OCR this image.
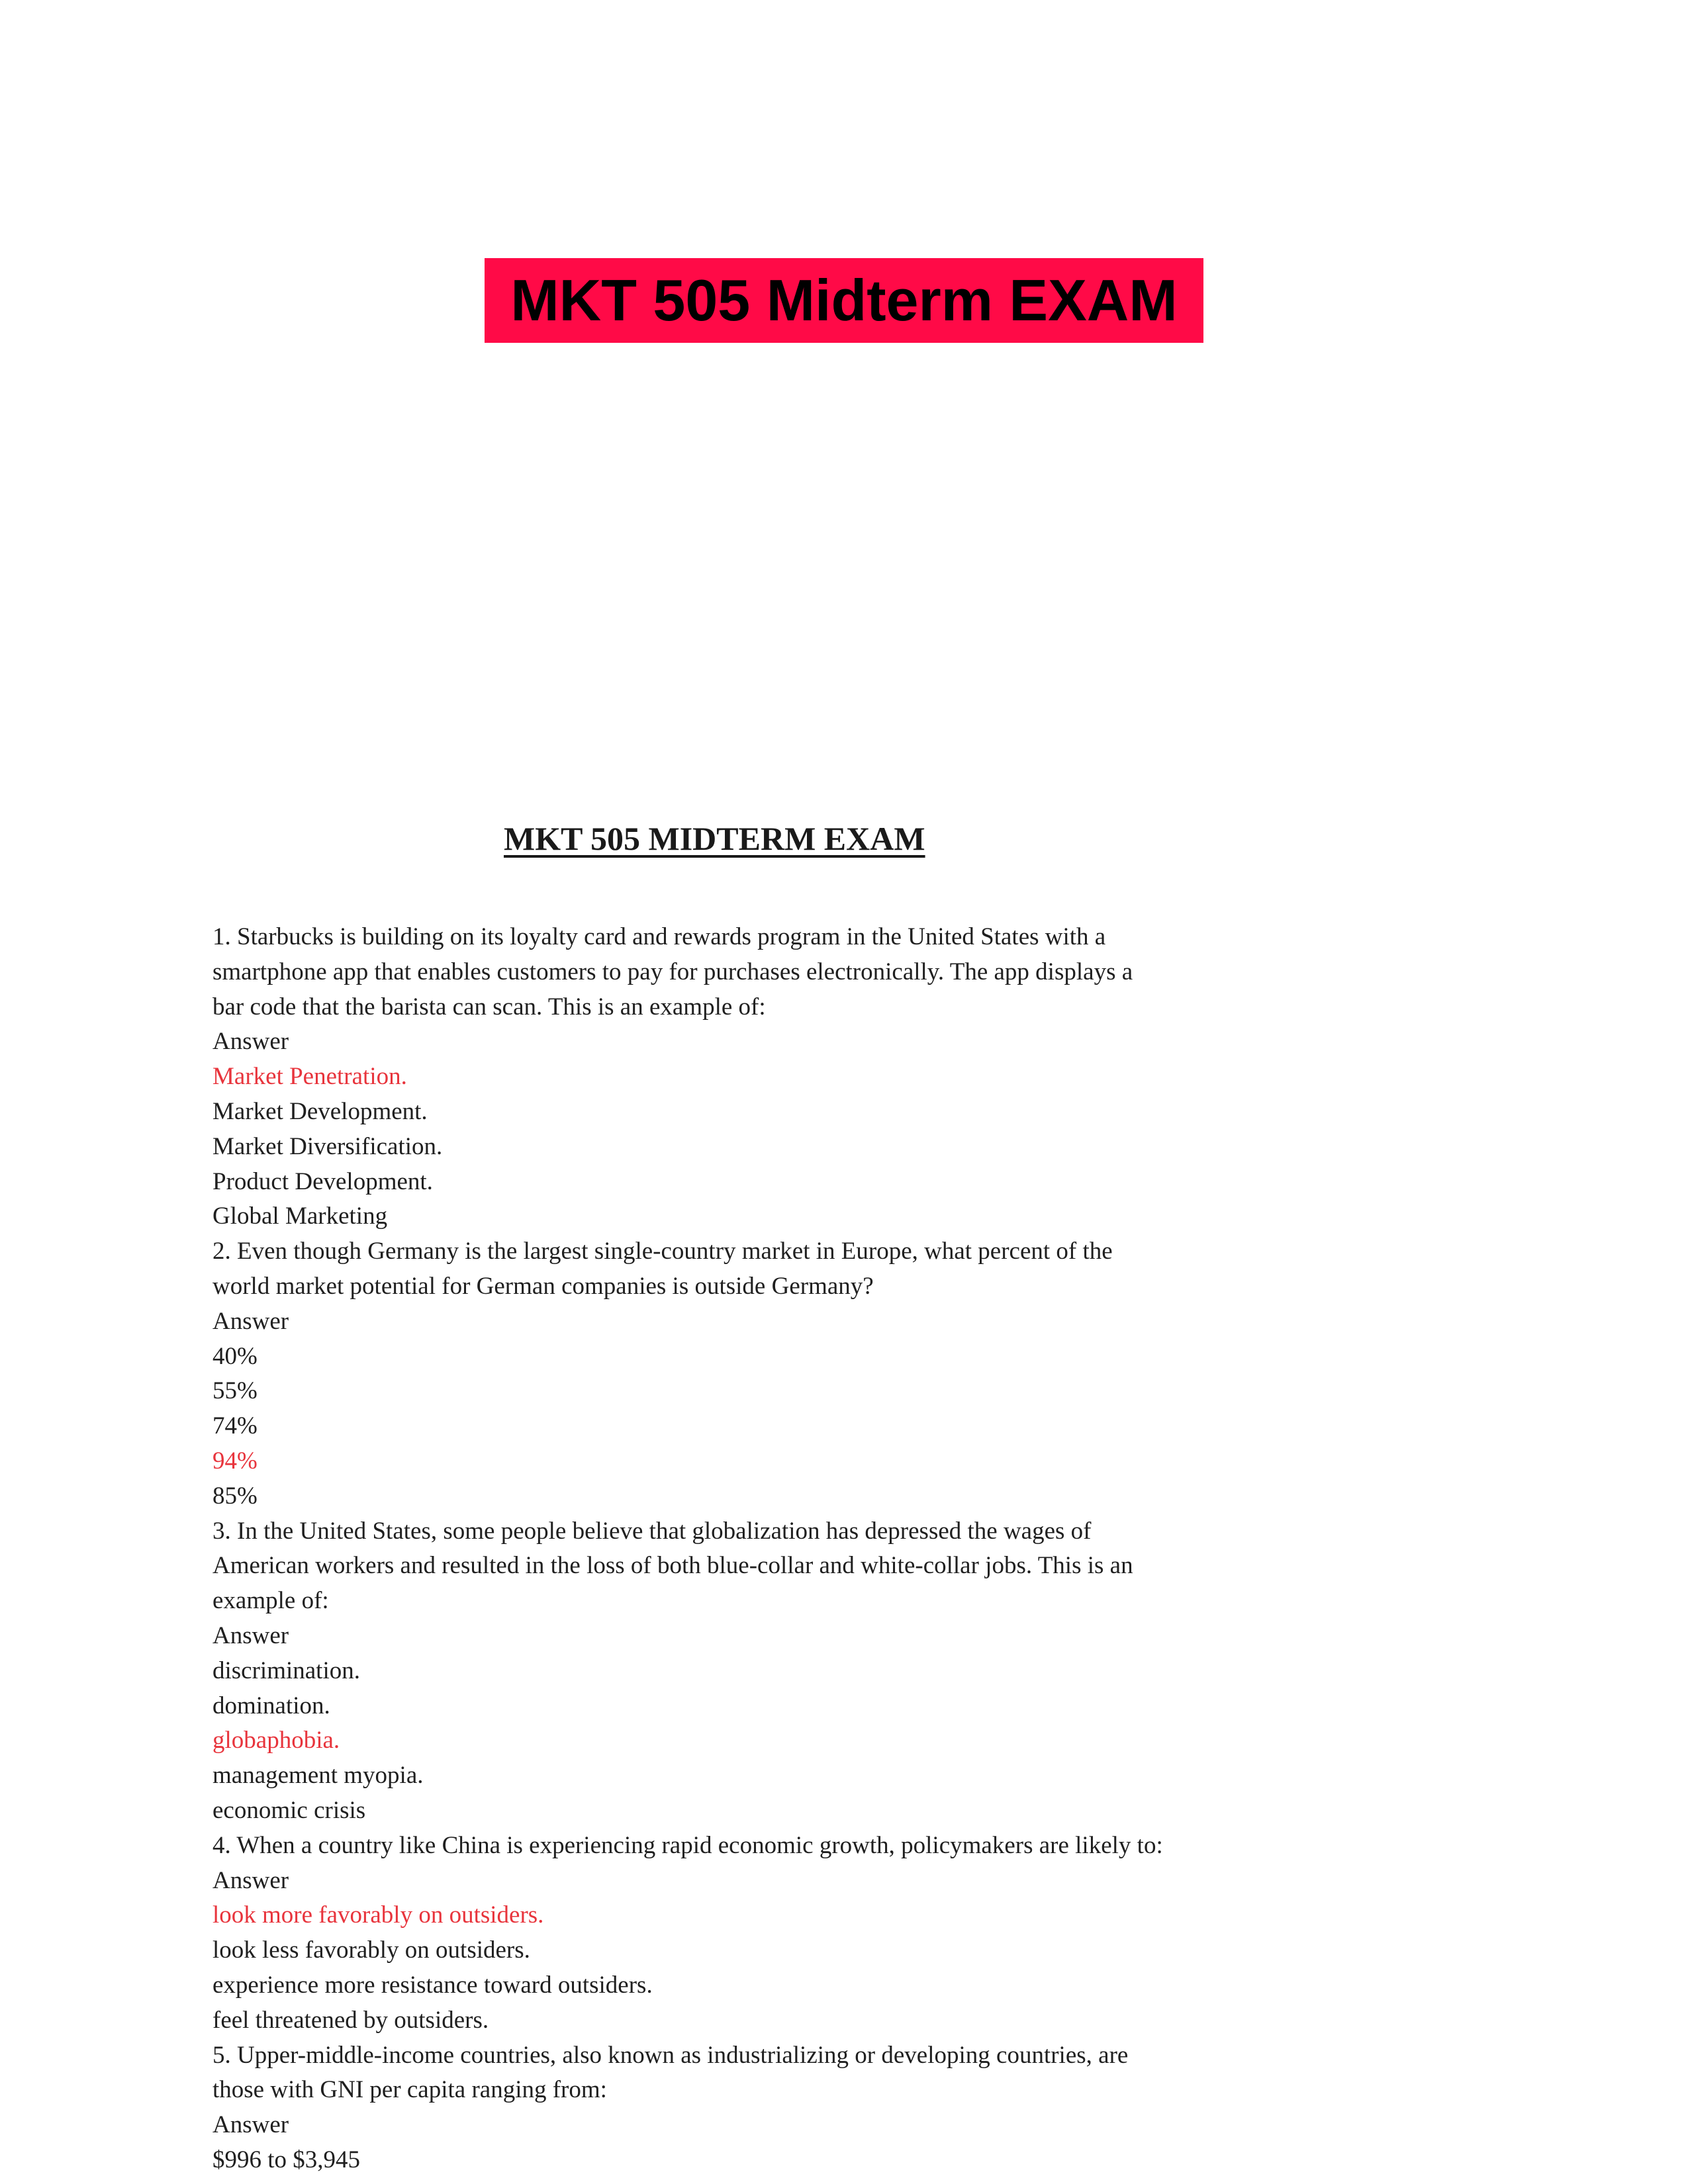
MKT 505 Midterm EXAM
MKT 505 MIDTERM EXAM
1. Starbucks is building on its loyalty card and rewards program in the United States with a
smartphone app that enables customers to pay for purchases electronically. The app displays a
bar code that the barista can scan. This is an example of:
Answer
Market Penetration.
Market Development.
Market Diversification.
Product Development.
Global Marketing
2. Even though Germany is the largest single-country market in Europe, what percent of the
world market potential for German companies is outside Germany?
Answer
40%
55%
74%
94%
85%
3. In the United States, some people believe that globalization has depressed the wages of
American workers and resulted in the loss of both blue-collar and white-collar jobs. This is an
example of:
Answer
discrimination.
domination.
globaphobia.
management myopia.
economic crisis
4. When a country like China is experiencing rapid economic growth, policymakers are likely to:
Answer
look more favorably on outsiders.
look less favorably on outsiders.
experience more resistance toward outsiders.
feel threatened by outsiders.
5. Upper-middle-income countries, also known as industrializing or developing countries, are
those with GNI per capita ranging from:
Answer
$996 to $3,945
